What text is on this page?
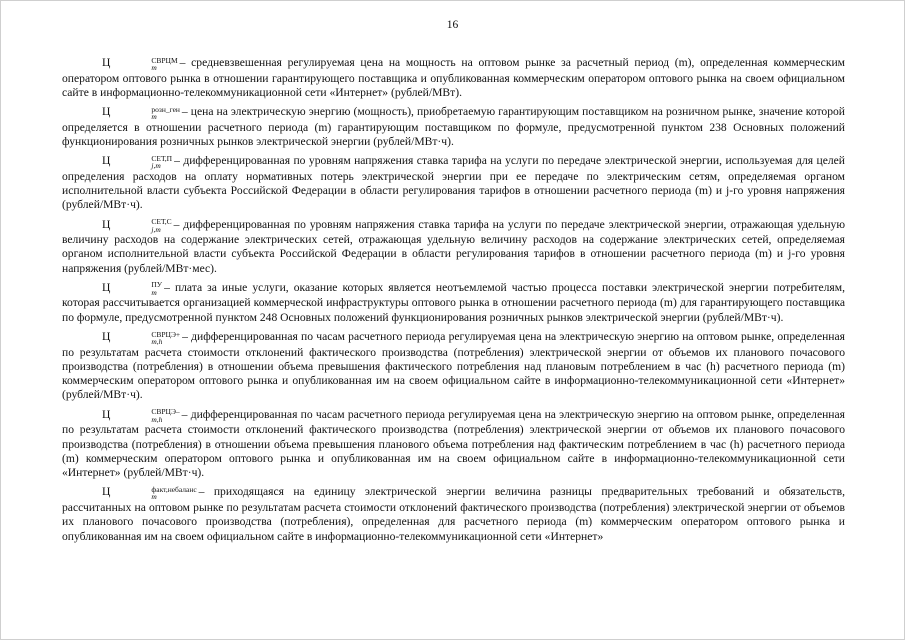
16

Ц	СВРЦМ
m	– средневзвешенная регулируемая цена на мощность на оптовом рынке за расчетный период (m), определенная коммерческим оператором оптового рынка в отношении гарантирующего поставщика и опубликованная коммерческим оператором оптового рынка на своем официальном сайте в информационно-телекоммуникационной сети «Интернет» (рублей/МВт).

Ц	розн_ген
m	– цена на электрическую энергию (мощность), приобретаемую гарантирующим поставщиком на розничном рынке, значение которой определяется в отношении расчетного периода (m) гарантирующим поставщиком по формуле, предусмотренной пунктом 238 Основных положений функционирования розничных рынков электрической энергии (рублей/МВт·ч).

Ц	СЕТ,П
j,m	– дифференцированная по уровням напряжения ставка тарифа на услуги по передаче электрической энергии, используемая для целей определения расходов на оплату нормативных потерь электрической энергии при ее передаче по электрическим сетям, определяемая органом исполнительной власти субъекта Российской Федерации в области регулирования тарифов в отношении расчетного периода (m) и j-го уровня напряжения (рублей/МВт·ч).

Ц	СЕТ,С
j,m	– дифференцированная по уровням напряжения ставка тарифа на услуги по передаче электрической энергии, отражающая удельную величину расходов на содержание электрических сетей, отражающая удельную величину расходов на содержание электрических сетей, определяемая органом исполнительной власти субъекта Российской Федерации в области регулирования тарифов в отношении расчетного периода (m) и j-го уровня напряжения (рублей/МВт·мес).

Ц	ПУ
m – плата за иные услуги, оказание которых является неотъемлемой частью процесса поставки электрической энергии потребителям, которая рассчитывается организацией коммерческой инфраструктуры оптового рынка в отношении расчетного периода (m) для гарантирующего поставщика по формуле, предусмотренной пунктом 248 Основных положений функционирования розничных рынков электрической энергии (рублей/МВт·ч).

Ц	СВРЦЭ+
m,h	– дифференцированная по часам расчетного периода регулируемая цена на электрическую энергию на оптовом рынке, определенная по результатам расчета стоимости отклонений фактического производства (потребления) электрической энергии от объемов их планового почасового производства (потребления) в отношении объема превышения фактического потребления над плановым потреблением в час (h) расчетного периода (m) коммерческим оператором оптового рынка и опубликованная им на своем официальном сайте в информационно-телекоммуникационной сети «Интернет» (рублей/МВт·ч).

Ц	СВРЦЭ–
m,h	– дифференцированная по часам расчетного периода регулируемая цена на электрическую энергию на оптовом рынке, определенная по результатам расчета стоимости отклонений фактического производства (потребления) электрической энергии от объемов их планового почасового производства (потребления) в отношении объема превышения планового объема потребления над фактическим потреблением в час (h) расчетного периода (m) коммерческим оператором оптового рынка и опубликованная им на своем официальном сайте в информационно-телекоммуникационной сети «Интернет» (рублей/МВт·ч).

Ц	факт,небаланс
m	– приходящаяся на единицу электрической энергии величина разницы предварительных требований и обязательств, рассчитанных на оптовом рынке по результатам расчета стоимости отклонений фактического производства (потребления) электрической энергии от объемов их планового почасового производства (потребления), определенная для расчетного периода (m) коммерческим оператором оптового рынка и опубликованная им на своем официальном сайте в информационно-телекоммуникационной сети «Интернет»
